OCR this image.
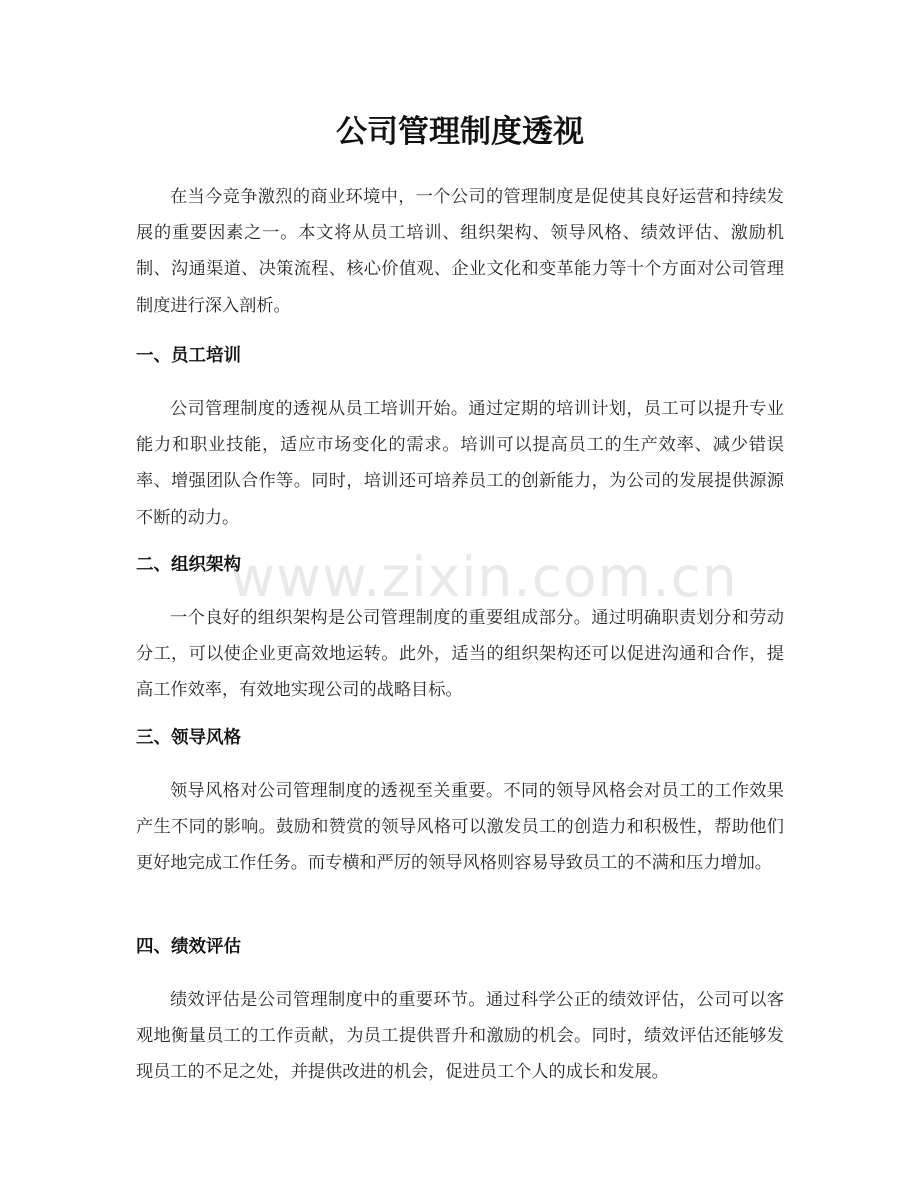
公司管理制度透视

在当今竞争激烈的商业环境中，一个公司的管理制度是促使其良好运营和持续发展的重要因素之一。本文将从员工培训、组织架构、领导风格、绩效评估、激励机制、沟通渠道、决策流程、核心价值观、企业文化和变革能力等十个方面对公司管理制度进行深入剖析。

一、员工培训

公司管理制度的透视从员工培训开始。通过定期的培训计划，员工可以提升专业能力和职业技能，适应市场变化的需求。培训可以提高员工的生产效率、减少错误率、增强团队合作等。同时，培训还可培养员工的创新能力，为公司的发展提供源源不断的动力。

二、组织架构

一个良好的组织架构是公司管理制度的重要组成部分。通过明确职责划分和劳动分工，可以使企业更高效地运转。此外，适当的组织架构还可以促进沟通和合作，提高工作效率，有效地实现公司的战略目标。

三、领导风格

领导风格对公司管理制度的透视至关重要。不同的领导风格会对员工的工作效果产生不同的影响。鼓励和赞赏的领导风格可以激发员工的创造力和积极性，帮助他们更好地完成工作任务。而专横和严厉的领导风格则容易导致员工的不满和压力增加。

四、绩效评估

绩效评估是公司管理制度中的重要环节。通过科学公正的绩效评估，公司可以客观地衡量员工的工作贡献，为员工提供晋升和激励的机会。同时，绩效评估还能够发现员工的不足之处，并提供改进的机会，促进员工个人的成长和发展。

www.zixin.com.cn
